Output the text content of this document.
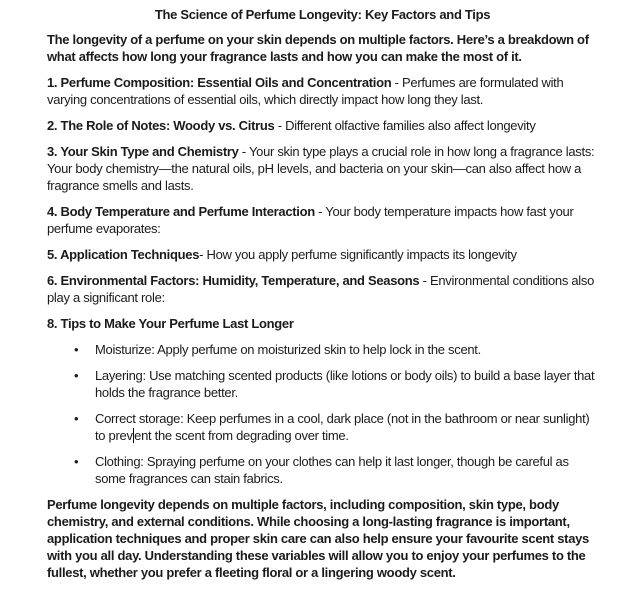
The Science of Perfume Longevity: Key Factors and Tips

The longevity of a perfume on your skin depends on multiple factors. Here’s a breakdown of what affects how long your fragrance lasts and how you can make the most of it.

1. Perfume Composition: Essential Oils and Concentration - Perfumes are formulated with varying concentrations of essential oils, which directly impact how long they last.

2. The Role of Notes: Woody vs. Citrus - Different olfactive families also affect longevity

3. Your Skin Type and Chemistry - Your skin type plays a crucial role in how long a fragrance lasts: Your body chemistry—the natural oils, pH levels, and bacteria on your skin—can also affect how a fragrance smells and lasts.

4. Body Temperature and Perfume Interaction - Your body temperature impacts how fast your perfume evaporates:

5. Application Techniques- How you apply perfume significantly impacts its longevity

6. Environmental Factors: Humidity, Temperature, and Seasons - Environmental conditions also play a significant role:

8. Tips to Make Your Perfume Last Longer

• Moisturize: Apply perfume on moisturized skin to help lock in the scent.
• Layering: Use matching scented products (like lotions or body oils) to build a base layer that holds the fragrance better.
• Correct storage: Keep perfumes in a cool, dark place (not in the bathroom or near sunlight) to prev ent the scent from degrading over time.
• Clothing: Spraying perfume on your clothes can help it last longer, though be careful as some fragrances can stain fabrics.

Perfume longevity depends on multiple factors, including composition, skin type, body chemistry, and external conditions. While choosing a long-lasting fragrance is important, application techniques and proper skin care can also help ensure your favourite scent stays with you all day. Understanding these variables will allow you to enjoy your perfumes to the fullest, whether you prefer a fleeting floral or a lingering woody scent.
